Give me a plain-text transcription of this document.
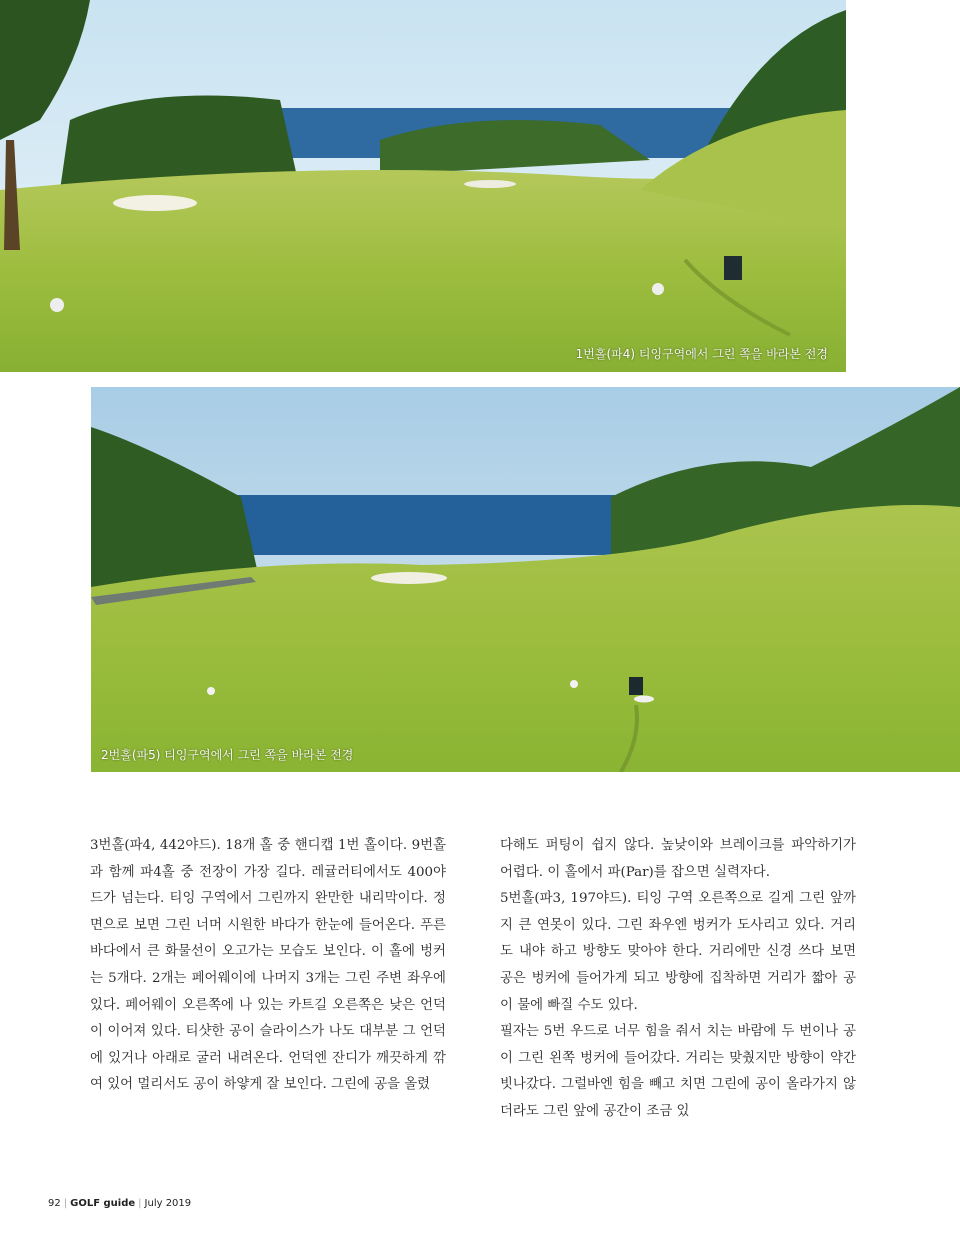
1번홀(파4) 티잉구역에서 그린 쪽을 바라본 전경
2번홀(파5) 티잉구역에서 그린 쪽을 바라본 전경

3번홀(파4, 442야드). 18개 홀 중 핸디캡 1번 홀이다. 9번홀과 함께 파4홀 중 전장이 가장 길다. 레귤러티에서도 400야드가 넘는다. 티잉 구역에서 그린까지 완만한 내리막이다. 정면으로 보면 그린 너머 시원한 바다가 한눈에 들어온다. 푸른 바다에서 큰 화물선이 오고가는 모습도 보인다. 이 홀에 벙커는 5개다. 2개는 페어웨이에 나머지 3개는 그린 주변 좌우에 있다. 페어웨이 오른쪽에 나 있는 카트길 오른쪽은 낮은 언덕이 이어져 있다. 티샷한 공이 슬라이스가 나도 대부분 그 언덕에 있거나 아래로 굴러 내려온다. 언덕엔 잔디가 깨끗하게 깎여 있어 멀리서도 공이 하얗게 잘 보인다. 그린에 공을 올렸

다해도 퍼팅이 쉽지 않다. 높낮이와 브레이크를 파악하기가 어렵다. 이 홀에서 파(Par)를 잡으면 실력자다.

5번홀(파3, 197야드). 티잉 구역 오른쪽으로 길게 그린 앞까지 큰 연못이 있다. 그린 좌우엔 벙커가 도사리고 있다. 거리도 내야 하고 방향도 맞아야 한다. 거리에만 신경 쓰다 보면 공은 벙커에 들어가게 되고 방향에 집착하면 거리가 짧아 공이 물에 빠질 수도 있다.

필자는 5번 우드로 너무 힘을 줘서 치는 바람에 두 번이나 공이 그린 왼쪽 벙커에 들어갔다. 거리는 맞췄지만 방향이 약간 빗나갔다. 그럴바엔 힘을 빼고 치면 그린에 공이 올라가지 않더라도 그린 앞에 공간이 조금 있

92 | GOLF guide | July 2019
